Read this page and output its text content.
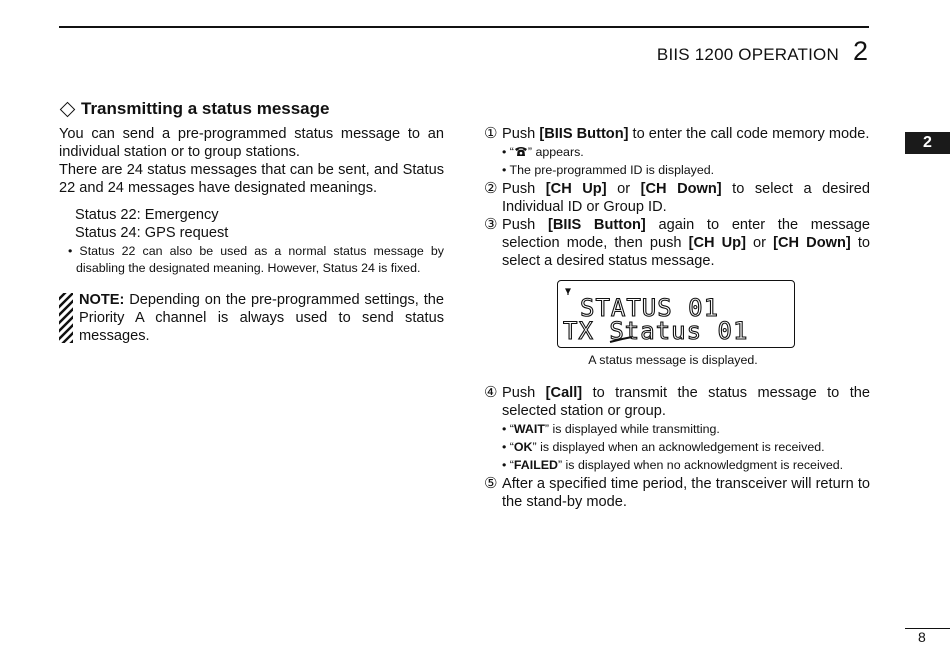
BIIS 1200 OPERATION 2
2
Transmitting a status message

You can send a pre-programmed status message to an individual station or to group stations.

There are 24 status messages that can be sent, and Status 22 and 24 messages have designated meanings.

Status 22: Emergency

Status 24: GPS request

• Status 22 can also be used as a normal status message by disabling the designated meaning. However, Status 24 is fixed.

NOTE: Depending on the pre-programmed settings, the Priority A channel is always used to send status messages.
① Push [BIIS Button] to enter the call code memory mode.
• “ ” appears.
• The pre-programmed ID is displayed.
② Push [CH Up] or [CH Down] to select a desired Individual ID or Group ID.
③ Push [BIIS Button] again to enter the message selection mode, then push [CH Up] or [CH Down] to select a desired status message.
STATUS 01
TX Status 01
A status message is displayed.
④ Push [Call] to transmit the status message to the selected station or group.
• “WAIT” is displayed while transmitting.
• “OK” is displayed when an acknowledgement is received.
• “FAILED” is displayed when no acknowledgment is received.
⑤ After a specified time period, the transceiver will return to the stand-by mode.
8
